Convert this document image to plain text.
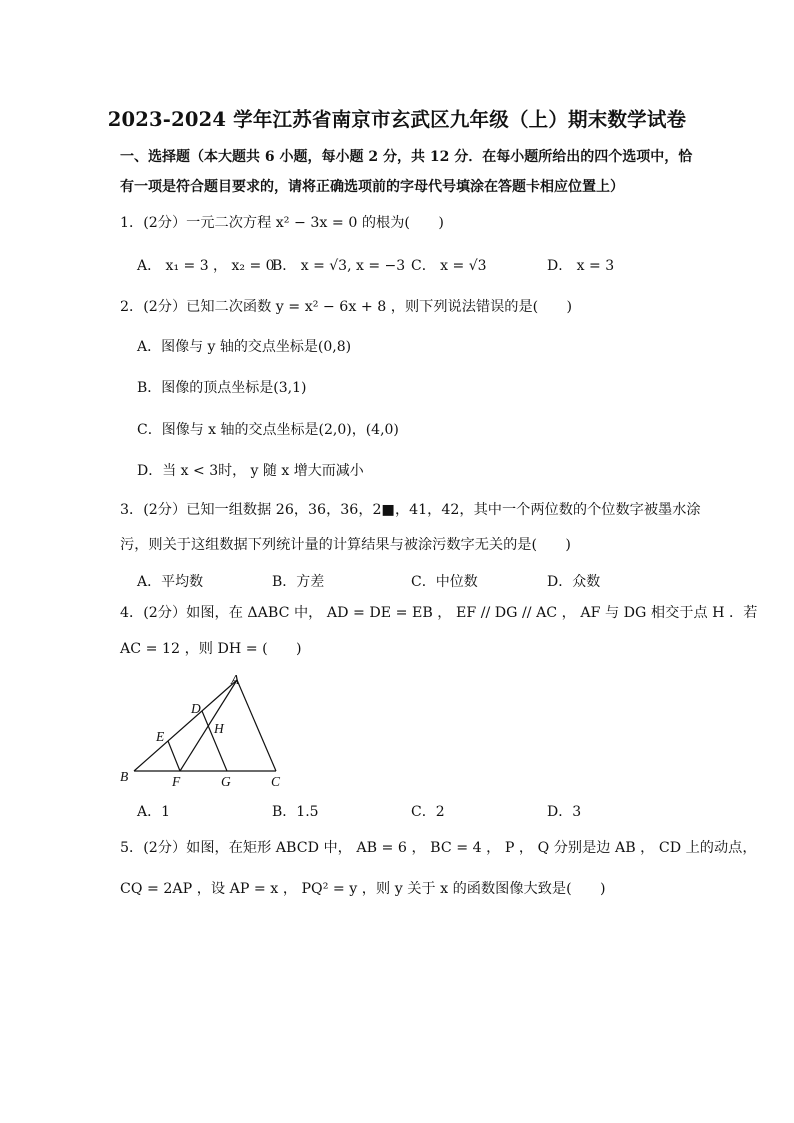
2023-2024 学年江苏省南京市玄武区九年级（上）期末数学试卷
一、选择题（本大题共 6 小题，每小题 2 分，共 12 分．在每小题所给出的四个选项中，恰
有一项是符合题目要求的，请将正确选项前的字母代号填涂在答题卡相应位置上）
1．(2分）一元二次方程 x² − 3x = 0 的根为(　　)
A． x₁ = 3 ， x₂ = 0
B． x = √3, x = −3 C． x = √3	D． x = 3
2．(2分）已知二次函数 y = x² − 6x + 8 ，则下列说法错误的是(　　)
A．图像与 y 轴的交点坐标是(0,8)
B．图像的顶点坐标是(3,1)
C．图像与 x 轴的交点坐标是(2,0)，(4,0)
D．当 x < 3时， y 随 x 增大而减小
3．(2分）已知一组数据 26，36，36，2■，41，42，其中一个两位数的个位数字被墨水涂
污，则关于这组数据下列统计量的计算结果与被涂污数字无关的是(　　)
A．平均数	B．方差	C．中位数	D．众数
4．(2分）如图，在 ΔABC 中， AD = DE = EB ， EF // DG // AC ， AF 与 DG 相交于点 H ．若
AC = 12 ，则 DH = (　　)
A
D
H
E
B	F	G	C
A．1	B．1.5	C．2	D．3
5．(2分）如图，在矩形 ABCD 中， AB = 6 ， BC = 4 ， P ， Q 分别是边 AB ， CD 上的动点，
CQ = 2AP ，设 AP = x ， PQ² = y ，则 y 关于 x 的函数图像大致是(　　)
